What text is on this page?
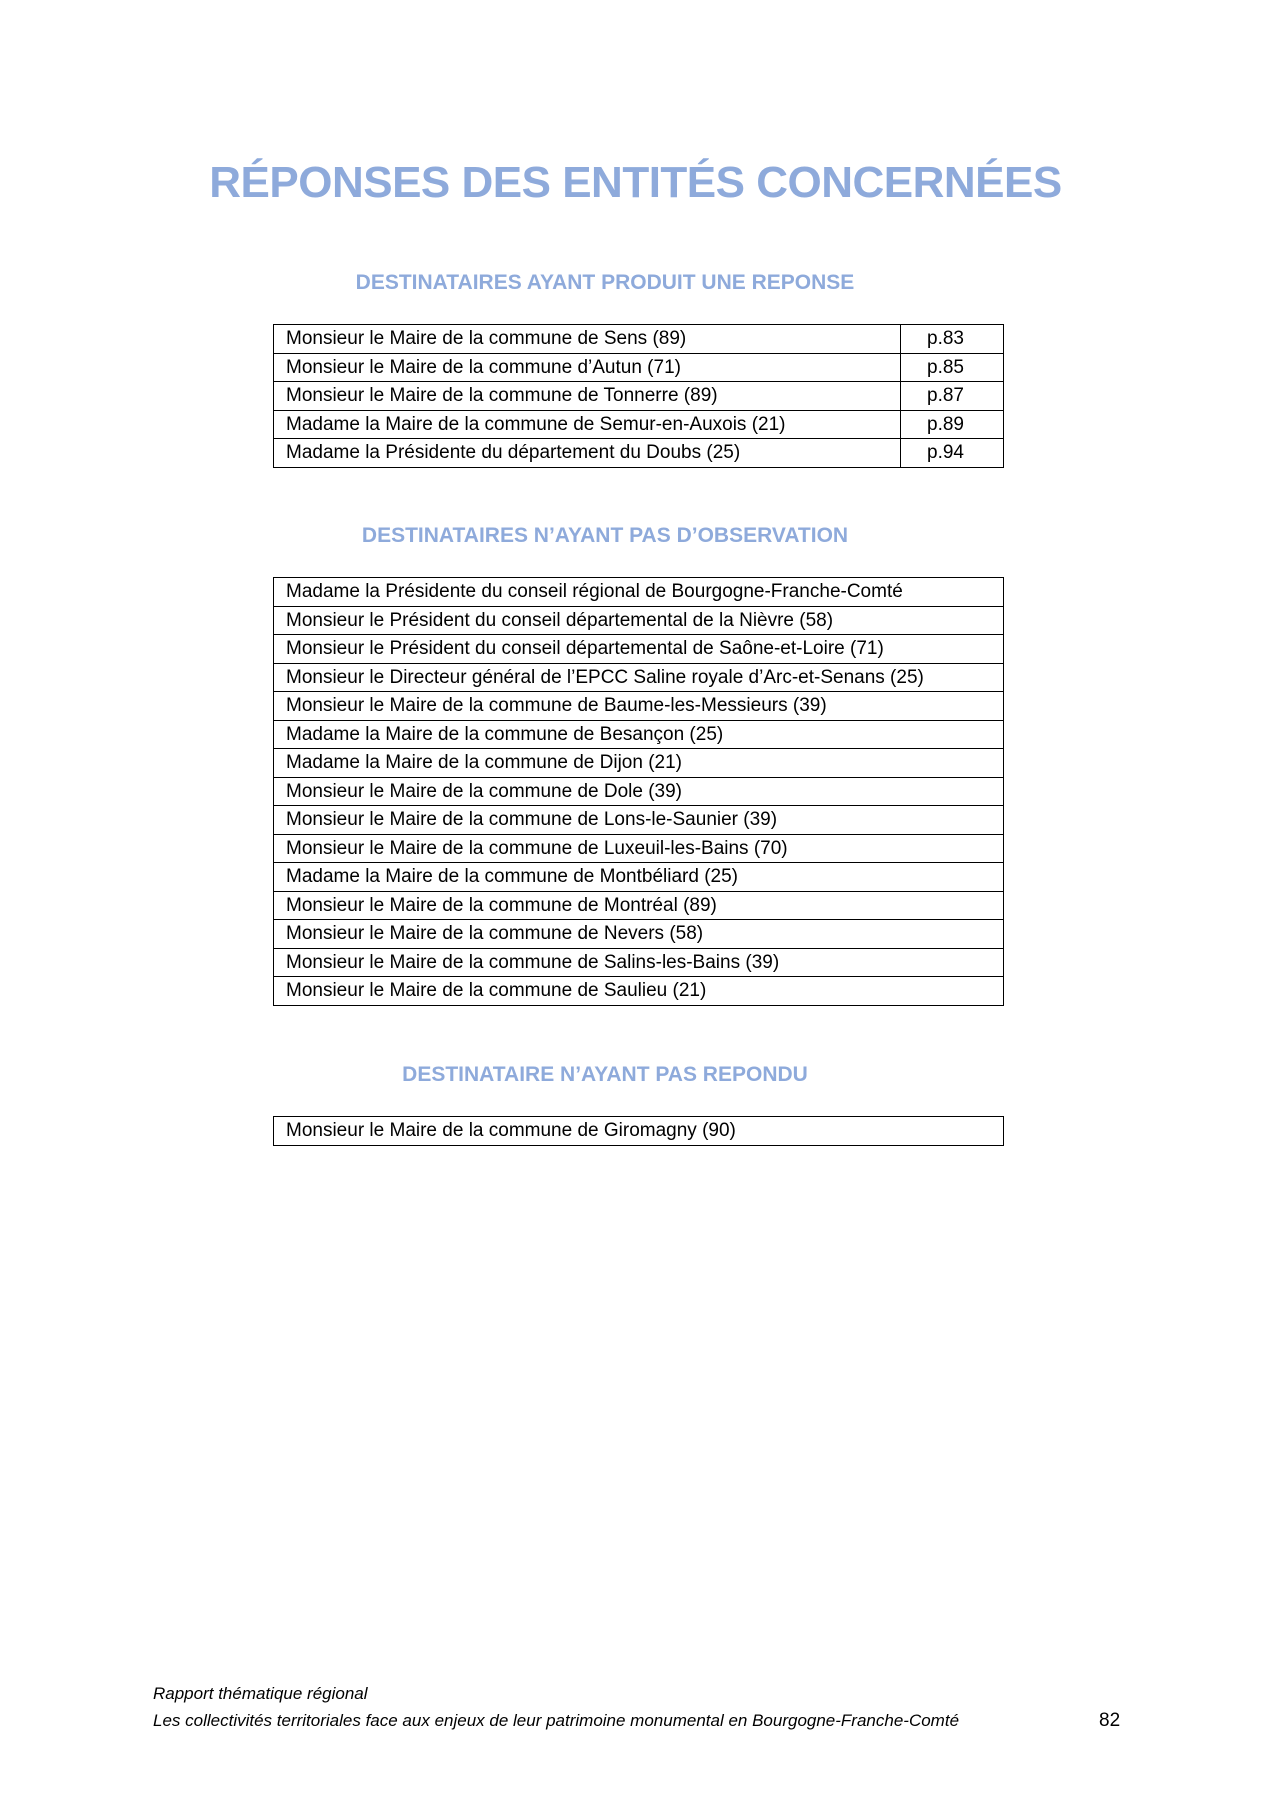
RÉPONSES DES ENTITÉS CONCERNÉES
DESTINATAIRES AYANT PRODUIT UNE REPONSE
Monsieur le Maire de la commune de Sens (89)	p.83
Monsieur le Maire de la commune d’Autun (71)	p.85
Monsieur le Maire de la commune de Tonnerre (89)	p.87
Madame la Maire de la commune de Semur-en-Auxois (21)	p.89
Madame la Présidente du département du Doubs (25)	p.94
DESTINATAIRES N’AYANT PAS D’OBSERVATION
Madame la Présidente du conseil régional de Bourgogne-Franche-Comté
Monsieur le Président du conseil départemental de la Nièvre (58)
Monsieur le Président du conseil départemental de Saône-et-Loire (71)
Monsieur le Directeur général de l’EPCC Saline royale d’Arc-et-Senans (25)
Monsieur le Maire de la commune de Baume-les-Messieurs (39)
Madame la Maire de la commune de Besançon (25)
Madame la Maire de la commune de Dijon (21)
Monsieur le Maire de la commune de Dole (39)
Monsieur le Maire de la commune de Lons-le-Saunier (39)
Monsieur le Maire de la commune de Luxeuil-les-Bains (70)
Madame la Maire de la commune de Montbéliard (25)
Monsieur le Maire de la commune de Montréal (89)
Monsieur le Maire de la commune de Nevers (58)
Monsieur le Maire de la commune de Salins-les-Bains (39)
Monsieur le Maire de la commune de Saulieu (21)
DESTINATAIRE N’AYANT PAS REPONDU
Monsieur le Maire de la commune de Giromagny (90)
Rapport thématique régional
Les collectivités territoriales face aux enjeux de leur patrimoine monumental en Bourgogne-Franche-Comté	82
